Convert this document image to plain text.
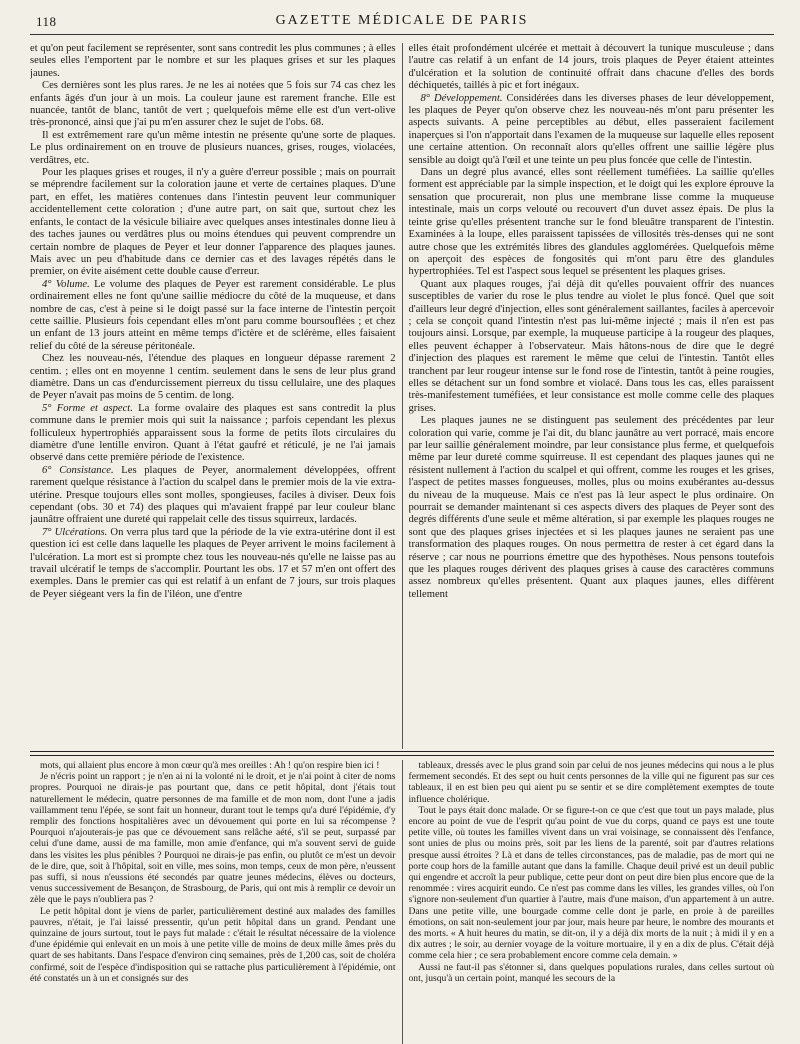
118	GAZETTE MÉDICALE DE PARIS

et qu'on peut facilement se représenter, sont sans contredit les plus communes ; à elles seules elles l'emportent par le nombre et sur les plaques grises et sur les plaques jaunes.

Ces dernières sont les plus rares. Je ne les ai notées que 5 fois sur 74 cas chez les enfants âgés d'un jour à un mois. La couleur jaune est rarement franche. Elle est nuancée, tantôt de blanc, tantôt de vert ; quelquefois même elle est d'un vert-olive très-prononcé, ainsi que j'ai pu m'en assurer chez le sujet de l'obs. 68.

Il est extrêmement rare qu'un même intestin ne présente qu'une sorte de plaques. Le plus ordinairement on en trouve de plusieurs nuances, grises, rouges, violacées, verdâtres, etc.

Pour les plaques grises et rouges, il n'y a guère d'erreur possible ; mais on pourrait se méprendre facilement sur la coloration jaune et verte de certaines plaques. D'une part, en effet, les matières contenues dans l'intestin peuvent leur communiquer accidentellement cette coloration ; d'une autre part, on sait que, surtout chez les enfants, le contact de la vésicule biliaire avec quelques anses intestinales donne lieu à des taches jaunes ou verdâtres plus ou moins étendues qui peuvent comprendre un certain nombre de plaques de Peyer et leur donner l'apparence des plaques jaunes. Mais avec un peu d'habitude dans ce dernier cas et des lavages répétés dans le premier, on évite aisément cette double cause d'erreur.

4° Volume. Le volume des plaques de Peyer est rarement considérable. Le plus ordinairement elles ne font qu'une saillie médiocre du côté de la muqueuse, et dans nombre de cas, c'est à peine si le doigt passé sur la face interne de l'intestin perçoit cette saillie. Plusieurs fois cependant elles m'ont paru comme boursouflées ; et chez un enfant de 13 jours atteint en même temps d'ictère et de sclérème, elles faisaient relief du côté de la séreuse péritonéale.

Chez les nouveau-nés, l'étendue des plaques en longueur dépasse rarement 2 centim. ; elles ont en moyenne 1 centim. seulement dans le sens de leur plus grand diamètre. Dans un cas d'endurcissement pierreux du tissu cellulaire, une des plaques de Peyer n'avait pas moins de 5 centim. de long.

5° Forme et aspect. La forme ovalaire des plaques est sans contredit la plus commune dans le premier mois qui suit la naissance ; parfois cependant les plexus folliculeux hypertrophiés apparaissent sous la forme de petits îlots circulaires du diamètre d'une lentille environ. Quant à l'état gaufré et réticulé, je ne l'ai jamais observé dans cette première période de l'existence.

6° Consistance. Les plaques de Peyer, anormalement développées, offrent rarement quelque résistance à l'action du scalpel dans le premier mois de la vie extra-utérine. Presque toujours elles sont molles, spongieuses, faciles à diviser. Deux fois cependant (obs. 30 et 74) des plaques qui m'avaient frappé par leur couleur blanc jaunâtre offraient une dureté qui rappelait celle des tissus squirreux, lardacés.

7° Ulcérations. On verra plus tard que la période de la vie extra-utérine dont il est question ici est celle dans laquelle les plaques de Peyer arrivent le moins facilement à l'ulcération. La mort est si prompte chez tous les nouveau-nés qu'elle ne laisse pas au travail ulcératif le temps de s'accomplir. Pourtant les obs. 17 et 57 m'en ont offert des exemples. Dans le premier cas qui est relatif à un enfant de 7 jours, sur trois plaques de Peyer siégeant vers la fin de l'iléon, une d'entre

elles était profondément ulcérée et mettait à découvert la tunique musculeuse ; dans l'autre cas relatif à un enfant de 14 jours, trois plaques de Peyer étaient atteintes d'ulcération et la solution de continuité offrait dans chacune d'elles des bords déchiquetés, taillés à pic et fort inégaux.

8° Développement. Considérées dans les diverses phases de leur développement, les plaques de Peyer qu'on observe chez les nouveau-nés m'ont paru présenter les aspects suivants. A peine perceptibles au début, elles passeraient facilement inaperçues si l'on n'apportait dans l'examen de la muqueuse sur laquelle elles reposent une certaine attention. On reconnaît alors qu'elles offrent une saillie légère plus sensible au doigt qu'à l'œil et une teinte un peu plus foncée que celle de l'intestin.

Dans un degré plus avancé, elles sont réellement tuméfiées. La saillie qu'elles forment est appréciable par la simple inspection, et le doigt qui les explore éprouve la sensation que procurerait, non plus une membrane lisse comme la muqueuse intestinale, mais un corps velouté ou recouvert d'un duvet assez épais. De plus la teinte grise qu'elles présentent tranche sur le fond bleuâtre transparent de l'intestin. Examinées à la loupe, elles paraissent tapissées de villosités très-denses qui ne sont autre chose que les extrémités libres des glandules agglomérées. Quelquefois même on aperçoit des espèces de fongosités qui m'ont paru être des glandules hypertrophiées. Tel est l'aspect sous lequel se présentent les plaques grises.

Quant aux plaques rouges, j'ai déjà dit qu'elles pouvaient offrir des nuances susceptibles de varier du rose le plus tendre au violet le plus foncé. Quel que soit d'ailleurs leur degré d'injection, elles sont généralement saillantes, faciles à apercevoir ; cela se conçoit quand l'intestin n'est pas lui-même injecté ; mais il n'en est pas toujours ainsi. Lorsque, par exemple, la muqueuse participe à la rougeur des plaques, elles peuvent échapper à l'observateur. Mais hâtons-nous de dire que le degré d'injection des plaques est rarement le même que celui de l'intestin. Tantôt elles tranchent par leur rougeur intense sur le fond rose de l'intestin, tantôt à peine rougies, elles se détachent sur un fond sombre et violacé. Dans tous les cas, elles paraissent très-manifestement tuméfiées, et leur consistance est molle comme celle des plaques grises.

Les plaques jaunes ne se distinguent pas seulement des précédentes par leur coloration qui varie, comme je l'ai dit, du blanc jaunâtre au vert porracé, mais encore par leur saillie généralement moindre, par leur consistance plus ferme, et quelquefois même par leur dureté comme squirreuse. Il est cependant des plaques jaunes qui ne résistent nullement à l'action du scalpel et qui offrent, comme les rouges et les grises, l'aspect de petites masses fongueuses, molles, plus ou moins exubérantes au-dessus du niveau de la muqueuse. Mais ce n'est pas là leur aspect le plus ordinaire. On pourrait se demander maintenant si ces aspects divers des plaques de Peyer sont des degrés différents d'une seule et même altération, si par exemple les plaques rouges ne sont que des plaques grises injectées et si les plaques jaunes ne seraient pas une transformation des plaques rouges. On nous permettra de rester à cet égard dans la réserve ; car nous ne pourrions émettre que des hypothèses. Nous pensons toutefois que les plaques rouges dérivent des plaques grises à cause des caractères communs assez nombreux qu'elles présentent. Quant aux plaques jaunes, elles diffèrent tellement

mots, qui allaient plus encore à mon cœur qu'à mes oreilles : Ah ! qu'on respire bien ici !

Je n'écris point un rapport ; je n'en ai ni la volonté ni le droit, et je n'ai point à citer de noms propres. Pourquoi ne dirais-je pas pourtant que, dans ce petit hôpital, dont j'étais tout naturellement le médecin, quatre personnes de ma famille et de mon nom, dont l'une a jadis vaillamment tenu l'épée, se sont fait un honneur, durant tout le temps qu'a duré l'épidémie, d'y remplir des fonctions hospitalières avec un dévouement qui porte en lui sa récompense ? Pourquoi n'ajouterais-je pas que ce dévouement sans relâche aété, s'il se peut, surpassé par celui d'une dame, aussi de ma famille, mon amie d'enfance, qui m'a souvent servi de guide dans les visites les plus pénibles ? Pourquoi ne dirais-je pas enfin, ou plutôt ce m'est un devoir de le dire, que, soit à l'hôpital, soit en ville, mes soins, mon temps, ceux de mon père, n'eussent pas suffi, si nous n'eussions été secondés par quatre jeunes médecins, élèves ou docteurs, venus successivement de Besançon, de Strasbourg, de Paris, qui ont mis à remplir ce devoir un zèle que le pays n'oubliera pas ?

Le petit hôpital dont je viens de parler, particulièrement destiné aux malades des familles pauvres, n'était, je l'ai laissé pressentir, qu'un petit hôpital dans un grand. Pendant une quinzaine de jours surtout, tout le pays fut malade : c'était le résultat nécessaire de la violence d'une épidémie qui enlevait en un mois à une petite ville de moins de deux mille âmes près du quart de ses habitants. Dans l'espace d'environ cinq semaines, près de 1,200 cas, soit de choléra confirmé, soit de l'espèce d'indisposition qui se rattache plus particulièrement à l'épidémie, ont été constatés un à un et consignés sur des

tableaux, dressés avec le plus grand soin par celui de nos jeunes médecins qui nous a le plus fermement secondés. Et des sept ou huit cents personnes de la ville qui ne figurent pas sur ces tableaux, il en est bien peu qui aient pu se sentir et se dire complètement exemptes de toute influence cholérique.

Tout le pays était donc malade. Or se figure-t-on ce que c'est que tout un pays malade, plus encore au point de vue de l'esprit qu'au point de vue du corps, quand ce pays est une toute petite ville, où toutes les familles vivent dans un vrai voisinage, se connaissent dès l'enfance, sont unies de plus ou moins près, soit par les liens de la parenté, soit par d'autres relations presque aussi étroites ? Là et dans de telles circonstances, pas de maladie, pas de mort qui ne porte coup hors de la famille autant que dans la famille. Chaque deuil privé est un deuil public qui engendre et accroît la peur publique, cette peur dont on peut dire bien plus encore que de la renommée : vires acquirit eundo. Ce n'est pas comme dans les villes, les grandes villes, où l'on s'ignore non-seulement d'un quartier à l'autre, mais d'une maison, d'un appartement à un autre. Dans une petite ville, une bourgade comme celle dont je parle, en proie à de pareilles émotions, on sait non-seulement jour par jour, mais heure par heure, le nombre des mourants et des morts. « A huit heures du matin, se dit-on, il y a déjà dix morts de la nuit ; à midi il y en a dix autres ; le soir, au dernier voyage de la voiture mortuaire, il y en a dix de plus. C'était déjà comme cela hier ; ce sera probablement encore comme cela demain. »

Aussi ne faut-il pas s'étonner si, dans quelques populations rurales, dans celles surtout où ont, jusqu'à un certain point, manqué les secours de la
